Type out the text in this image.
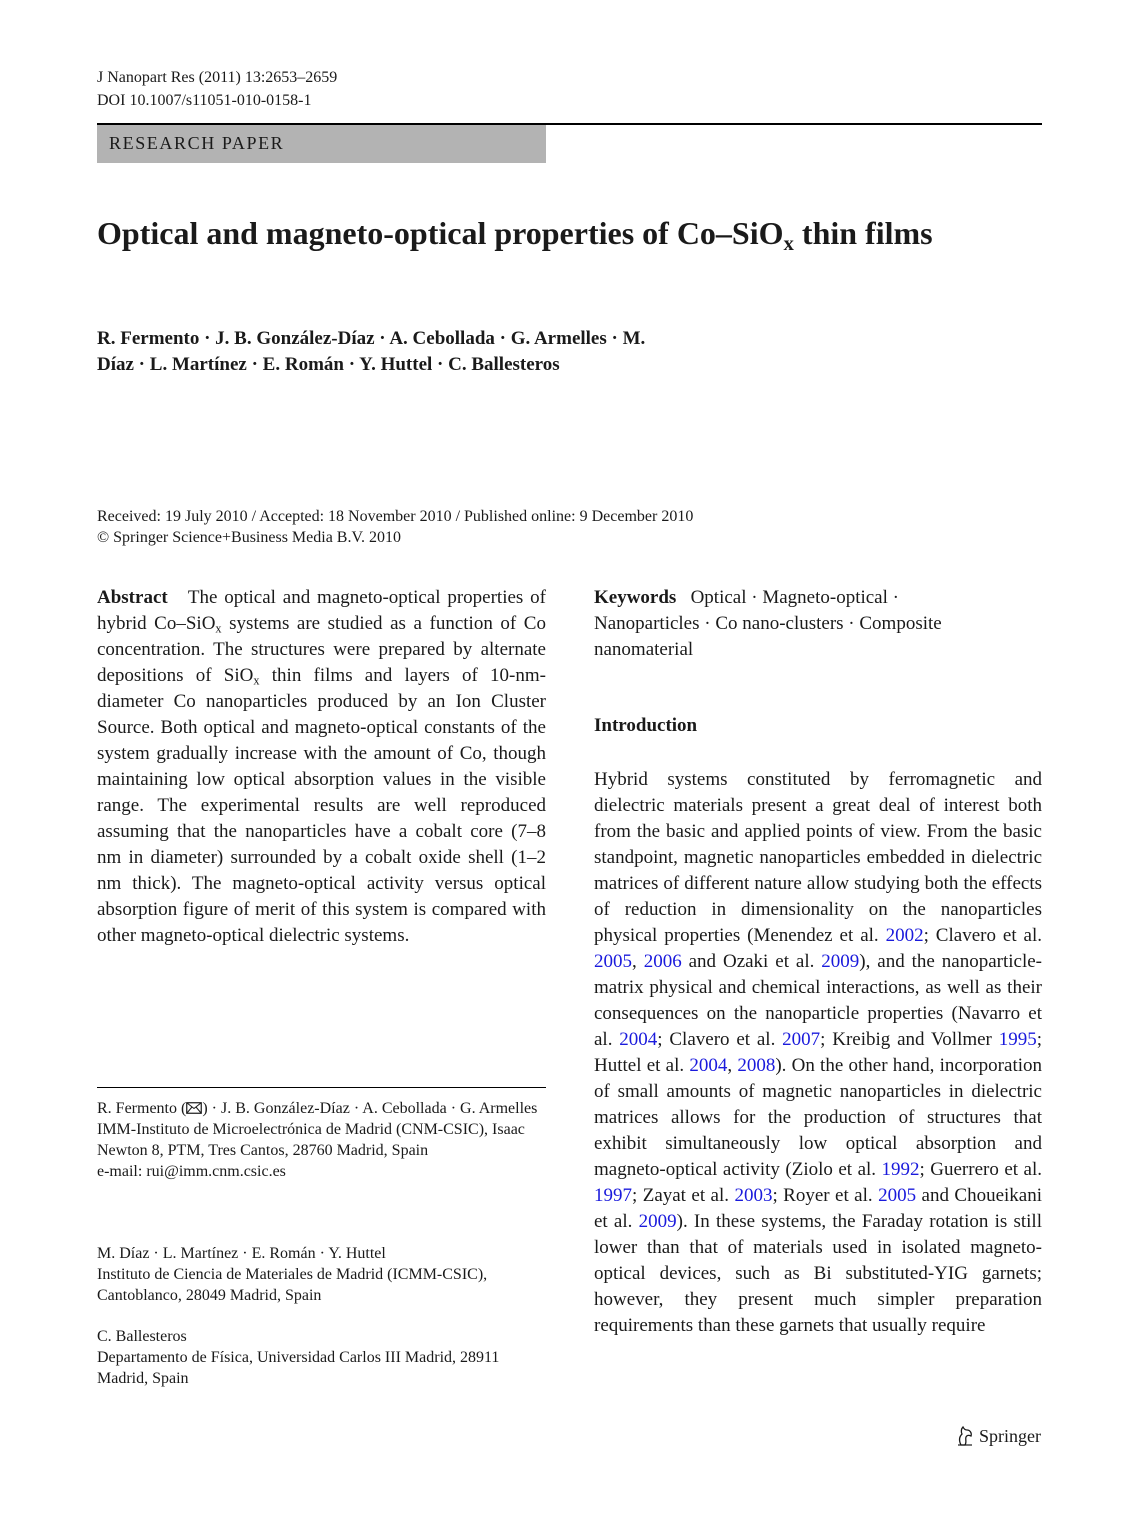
J Nanopart Res (2011) 13:2653–2659
DOI 10.1007/s11051-010-0158-1
RESEARCH PAPER
Optical and magneto-optical properties of Co–SiO$_x$ thin films
R. Fermento · J. B. González-Díaz · A. Cebollada · G. Armelles · M. Díaz · L. Martínez · E. Román · Y. Huttel · C. Ballesteros
Received: 19 July 2010 / Accepted: 18 November 2010 / Published online: 9 December 2010
© Springer Science+Business Media B.V. 2010
Abstract The optical and magneto-optical properties of hybrid Co–SiO$_x$ systems are studied as a function of Co concentration. The structures were prepared by alternate depositions of SiO$_x$ thin films and layers of 10-nm-diameter Co nanoparticles produced by an Ion Cluster Source. Both optical and magneto-optical constants of the system gradually increase with the amount of Co, though maintaining low optical absorption values in the visible range. The experimental results are well reproduced assuming that the nanoparticles have a cobalt core (7–8 nm in diameter) surrounded by a cobalt oxide shell (1–2 nm thick). The magneto-optical activity versus optical absorption figure of merit of this system is compared with other magneto-optical dielectric systems.
Keywords Optical · Magneto-optical · Nanoparticles · Co nano-clusters · Composite nanomaterial
Introduction
Hybrid systems constituted by ferromagnetic and dielectric materials present a great deal of interest both from the basic and applied points of view. From the basic standpoint, magnetic nanoparticles embedded in dielectric matrices of different nature allow studying both the effects of reduction in dimensionality on the nanoparticles physical properties (Menendez et al. 2002; Clavero et al. 2005, 2006 and Ozaki et al. 2009), and the nanoparticle-matrix physical and chemical interactions, as well as their consequences on the nanoparticle properties (Navarro et al. 2004; Clavero et al. 2007; Kreibig and Vollmer 1995; Huttel et al. 2004, 2008). On the other hand, incorporation of small amounts of magnetic nanoparticles in dielectric matrices allows for the production of structures that exhibit simultaneously low optical absorption and magneto-optical activity (Ziolo et al. 1992; Guerrero et al. 1997; Zayat et al. 2003; Royer et al. 2005 and Choueikani et al. 2009). In these systems, the Faraday rotation is still lower than that of materials used in isolated magneto-optical devices, such as Bi substituted-YIG garnets; however, they present much simpler preparation requirements than these garnets that usually require
R. Fermento ( ) · J. B. González-Díaz · A. Cebollada · G. Armelles
IMM-Instituto de Microelectrónica de Madrid (CNM-CSIC), Isaac Newton 8, PTM, Tres Cantos, 28760 Madrid, Spain
e-mail: rui@imm.cnm.csic.es
M. Díaz · L. Martínez · E. Román · Y. Huttel
Instituto de Ciencia de Materiales de Madrid (ICMM-CSIC), Cantoblanco, 28049 Madrid, Spain
C. Ballesteros
Departamento de Física, Universidad Carlos III Madrid, 28911 Madrid, Spain
Springer
